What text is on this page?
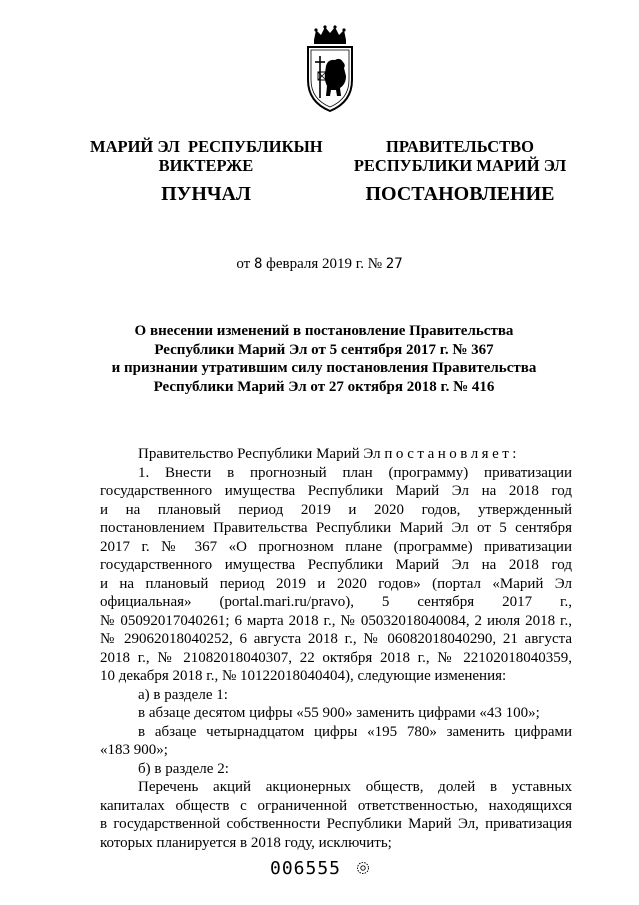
МАРИЙ ЭЛ  РЕСПУБЛИКЫН
ВИКТЕРЖЕ
ПУНЧАЛ
ПРАВИТЕЛЬСТВО
РЕСПУБЛИКИ МАРИЙ ЭЛ
ПОСТАНОВЛЕНИЕ
от 8 февраля 2019 г. № 27
О внесении изменений в постановление Правительства
Республики Марий Эл от 5 сентября 2017 г. № 367
и признании утратившим силу постановления Правительства
Республики Марий Эл от 27 октября 2018 г. № 416

Правительство Республики Марий Эл постановляет:

1. Внести в прогнозный план (программу) приватизации

государственного имущества Республики Марий Эл на 2018 год

и на плановый период 2019 и 2020 годов, утвержденный

постановлением Правительства Республики Марий Эл от 5 сентября

2017 г. № 367 «О прогнозном плане (программе) приватизации

государственного имущества Республики Марий Эл на 2018 год

и на плановый период 2019 и 2020 годов» (портал «Марий Эл

официальная» (portal.mari.ru/pravo), 5 сентября 2017 г.,

№ 05092017040261; 6 марта 2018 г., № 05032018040084, 2 июля 2018 г.,

№ 29062018040252, 6 августа 2018 г., № 06082018040290, 21 августа

2018 г., № 21082018040307, 22 октября 2018 г., № 22102018040359,

10 декабря 2018 г., № 10122018040404), следующие изменения:

а) в разделе 1:

в абзаце десятом цифры «55 900» заменить цифрами «43 100»;

в абзаце четырнадцатом цифры «195 780» заменить цифрами

«183 900»;

б) в разделе 2:

Перечень акций акционерных обществ, долей в уставных

капиталах обществ с ограниченной ответственностью, находящихся

в государственной собственности Республики Марий Эл, приватизация

которых планируется в 2018 году, исключить;

006555
